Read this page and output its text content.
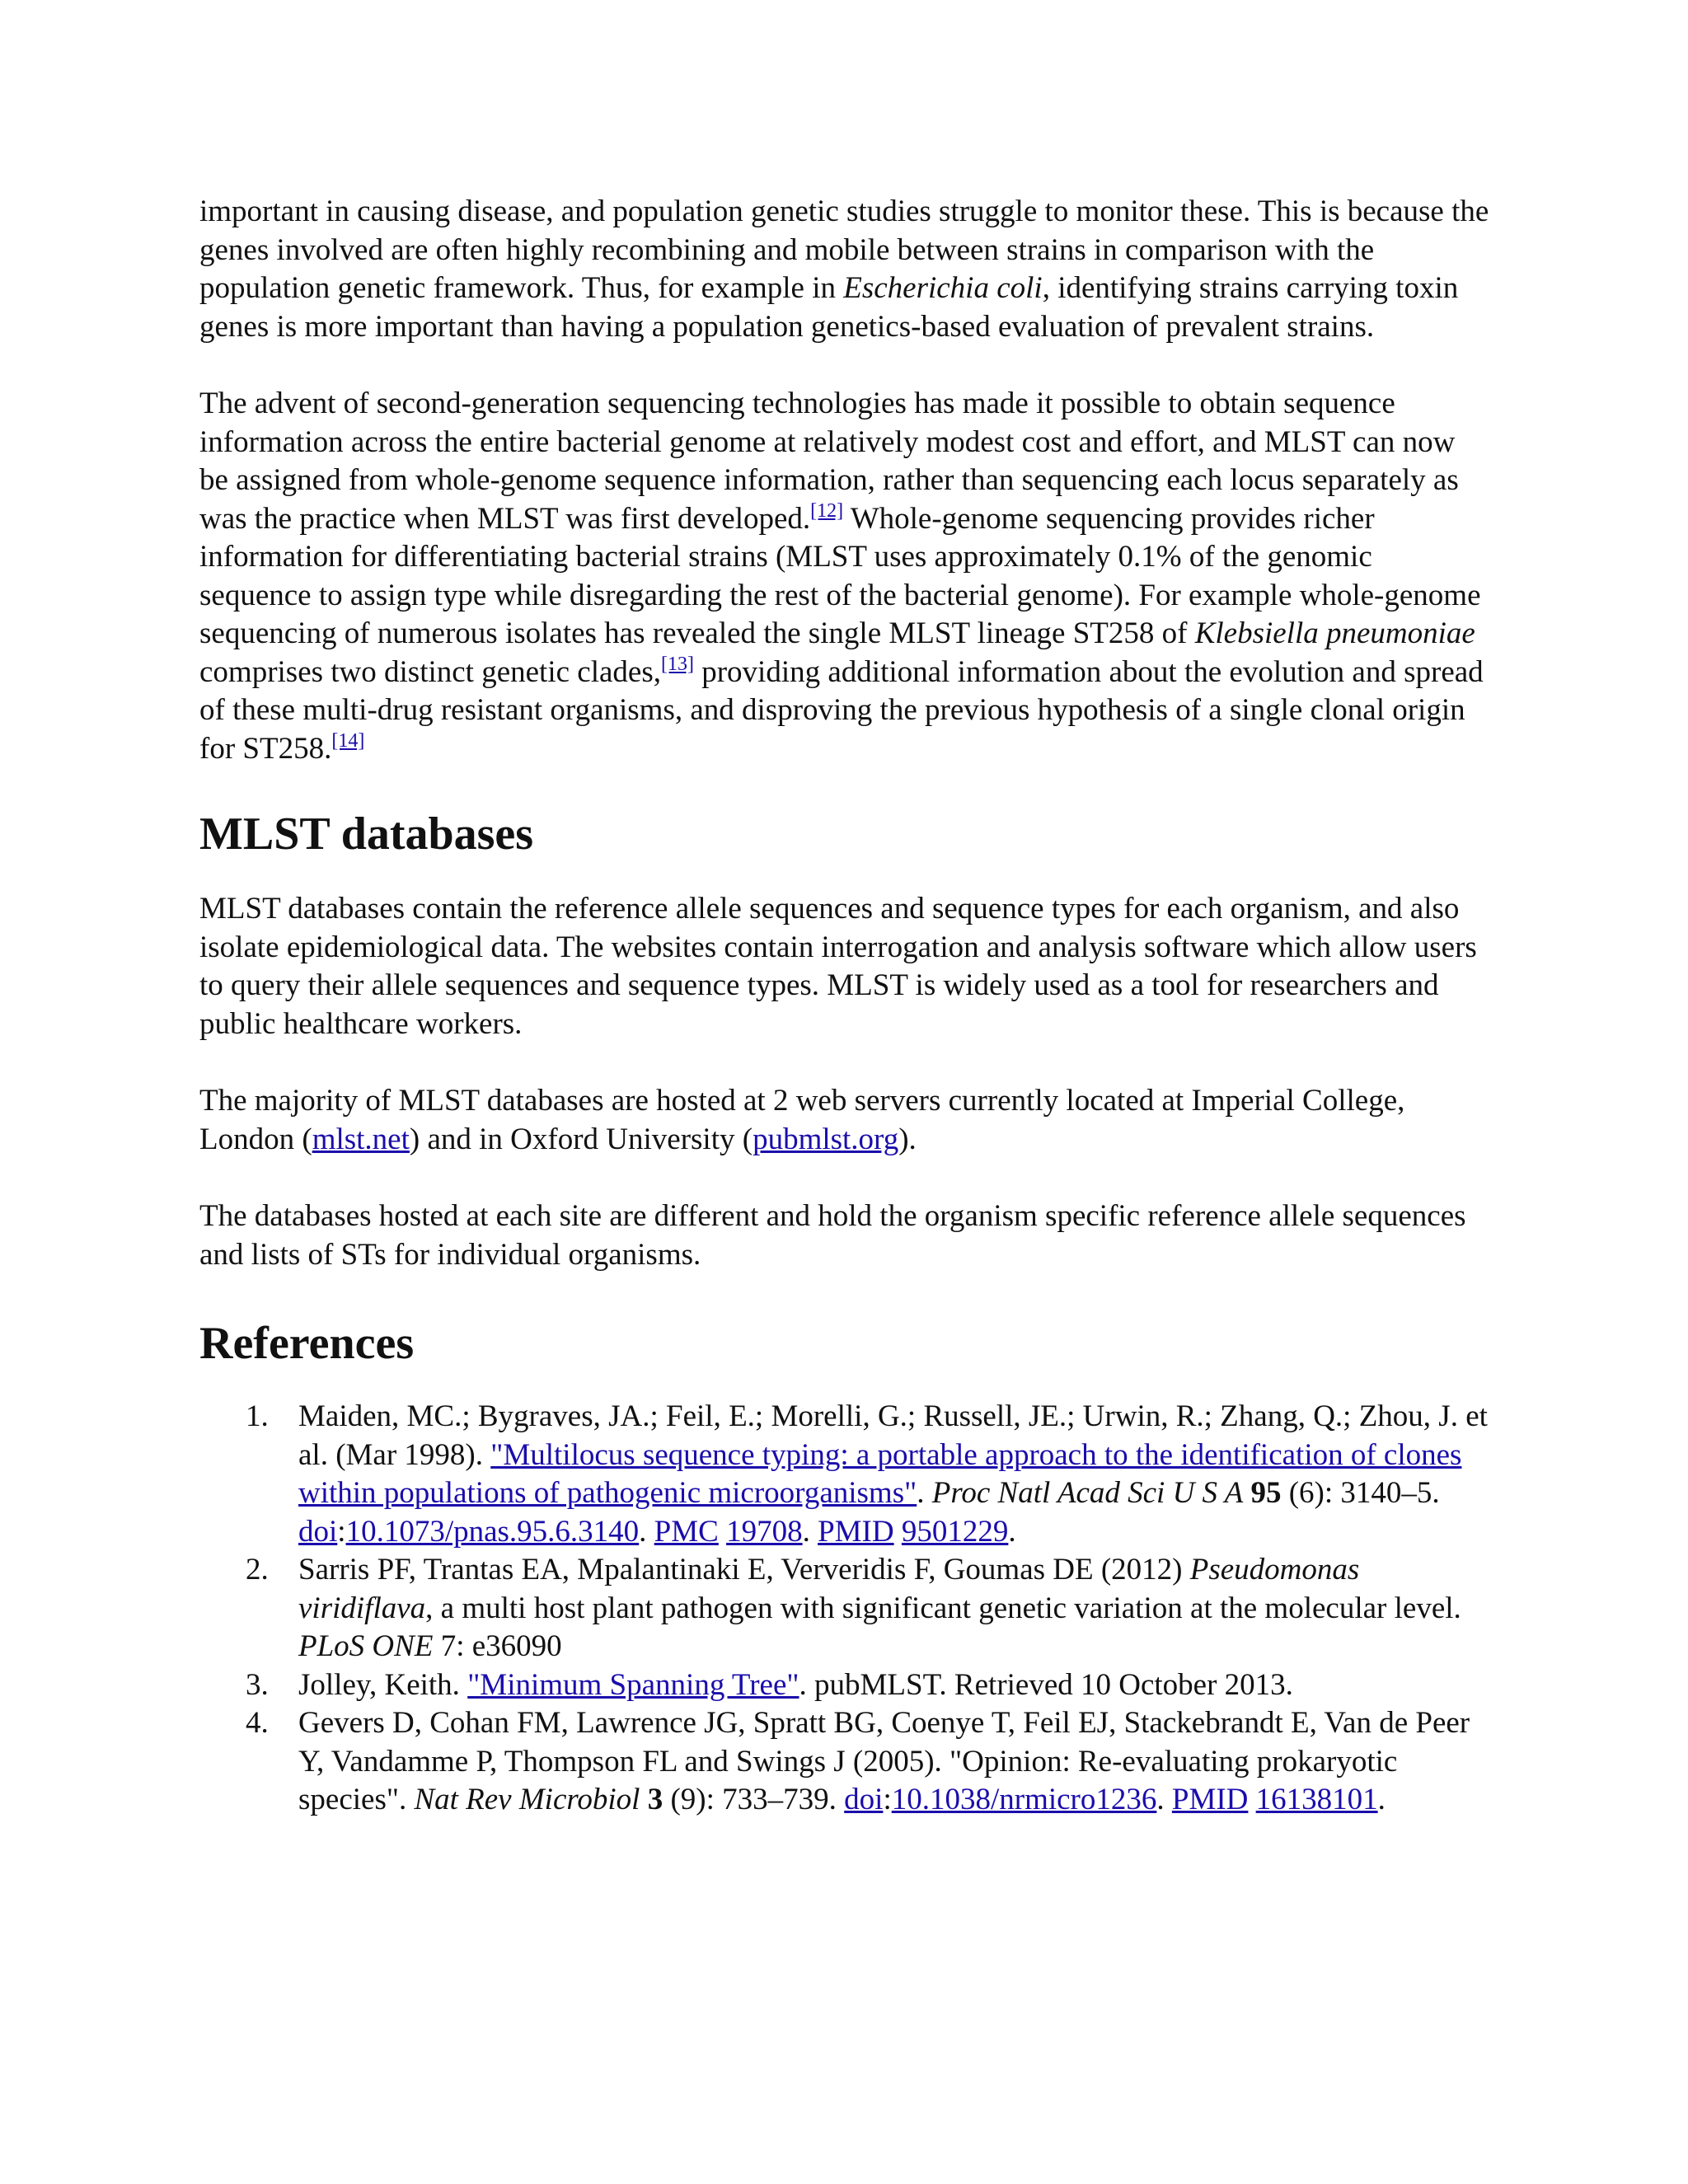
important in causing disease, and population genetic studies struggle to monitor these. This is because the genes involved are often highly recombining and mobile between strains in comparison with the population genetic framework. Thus, for example in Escherichia coli, identifying strains carrying toxin genes is more important than having a population genetics-based evaluation of prevalent strains.

The advent of second-generation sequencing technologies has made it possible to obtain sequence information across the entire bacterial genome at relatively modest cost and effort, and MLST can now be assigned from whole-genome sequence information, rather than sequencing each locus separately as was the practice when MLST was first developed.[12] Whole-genome sequencing provides richer information for differentiating bacterial strains (MLST uses approximately 0.1% of the genomic sequence to assign type while disregarding the rest of the bacterial genome). For example whole-genome sequencing of numerous isolates has revealed the single MLST lineage ST258 of Klebsiella pneumoniae comprises two distinct genetic clades,[13] providing additional information about the evolution and spread of these multi-drug resistant organisms, and disproving the previous hypothesis of a single clonal origin for ST258.[14]

MLST databases

MLST databases contain the reference allele sequences and sequence types for each organism, and also isolate epidemiological data. The websites contain interrogation and analysis software which allow users to query their allele sequences and sequence types. MLST is widely used as a tool for researchers and public healthcare workers.

The majority of MLST databases are hosted at 2 web servers currently located at Imperial College, London (mlst.net) and in Oxford University (pubmlst.org).

The databases hosted at each site are different and hold the organism specific reference allele sequences and lists of STs for individual organisms.

References
1. Maiden, MC.; Bygraves, JA.; Feil, E.; Morelli, G.; Russell, JE.; Urwin, R.; Zhang, Q.; Zhou, J. et al. (Mar 1998). "Multilocus sequence typing: a portable approach to the identification of clones within populations of pathogenic microorganisms". Proc Natl Acad Sci U S A 95 (6): 3140–5. doi:10.1073/pnas.95.6.3140. PMC 19708. PMID 9501229.
2. Sarris PF, Trantas EA, Mpalantinaki E, Ververidis F, Goumas DE (2012) Pseudomonas viridiflava, a multi host plant pathogen with significant genetic variation at the molecular level. PLoS ONE 7: e36090
3. Jolley, Keith. "Minimum Spanning Tree". pubMLST. Retrieved 10 October 2013.
4. Gevers D, Cohan FM, Lawrence JG, Spratt BG, Coenye T, Feil EJ, Stackebrandt E, Van de Peer Y, Vandamme P, Thompson FL and Swings J (2005). "Opinion: Re-evaluating prokaryotic species". Nat Rev Microbiol 3 (9): 733–739. doi:10.1038/nrmicro1236. PMID 16138101.
